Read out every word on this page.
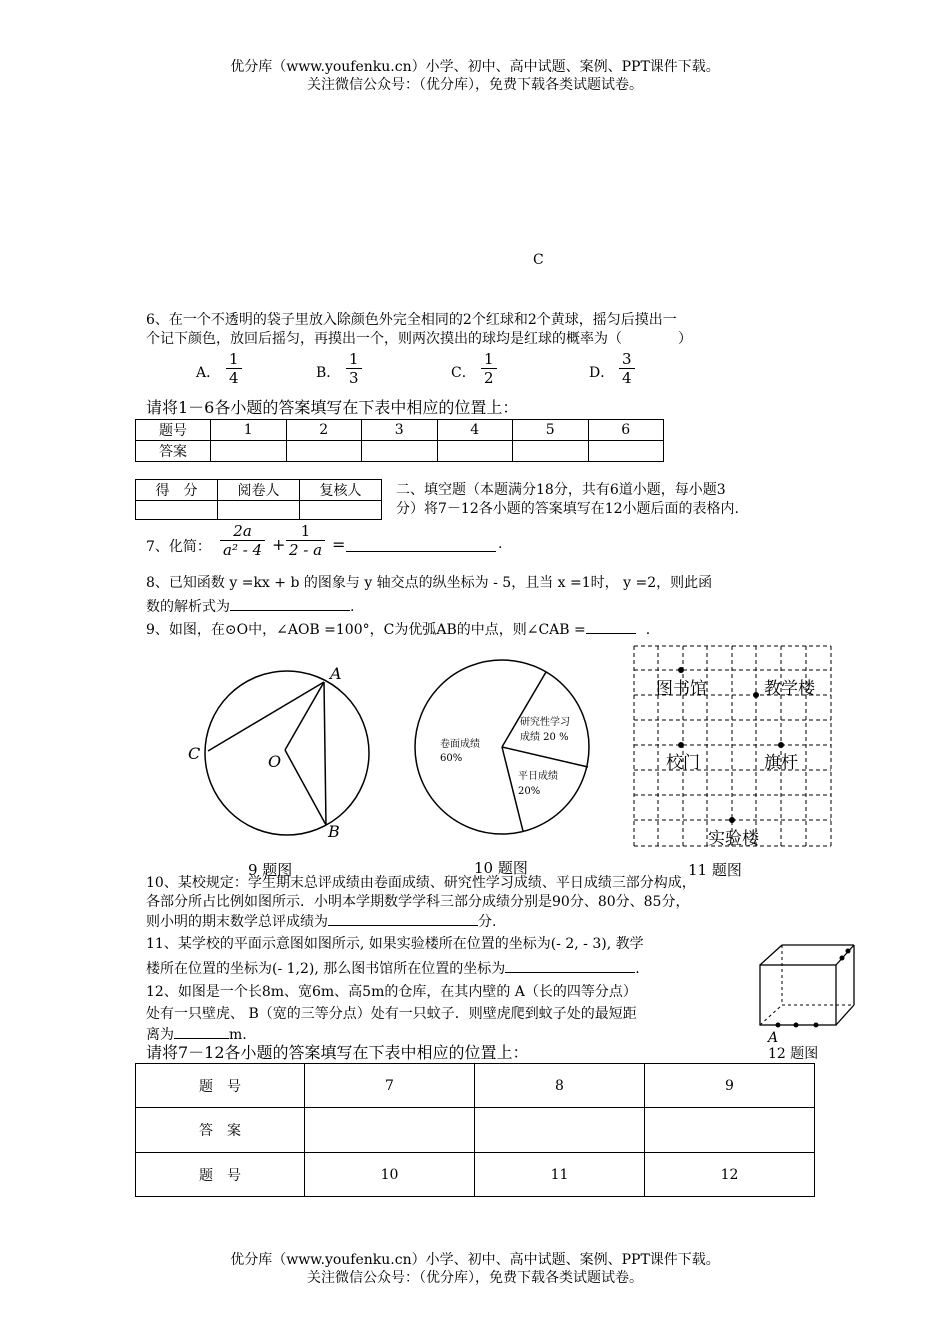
优分库（www.youfenku.cn）小学、初中、高中试题、案例、PPT课件下载。
关注微信公众号：（优分库），免费下载各类试题试卷。
C
6、在一个不透明的袋子里放入除颜色外完全相同的2个红球和2个黄球，摇匀后摸出一
个记下颜色，放回后摇匀，再摸出一个，则两次摸出的球均是红球的概率为（　　　　）
A． $\frac{1}{4}$	B． $\frac{1}{3}$	C． $\frac{1}{2}$	D． $\frac{3}{4}$
请将1－6各小题的答案填写在下表中相应的位置上：
题号	1	2	3	4	5	6
答案						
得　分	阅卷人	复核人
		二、填空题（本题满分18分，共有6道小题，每小题3
分）将7－12各小题的答案填写在12小题后面的表格内.
7、化简： $\frac{2a}{\text{a² - 4}} + \frac{1}{2 - a}$ =	.
8、已知函数 y =kx + b 的图象与 y 轴交点的纵坐标为 - 5，且当 x =1时， y =2，则此函
数的解析式为	.
9、如图，在⊙O中，∠AOB =100°，C为优弧AB的中点，则∠CAB =	.
A
B
C	O
9 题图
卷面成绩
60%
研究性学习
成绩 20 %
平日成绩
20%
10 题图
图书馆	教学楼
校门	旗杆
实验楼
11 题图
10、某校规定：学生期末总评成绩由卷面成绩、研究性学习成绩、平日成绩三部分构成，
各部分所占比例如图所示．小明本学期数学学科三部分成绩分别是90分、80分、85分，
则小明的期末数学总评成绩为	分.
11、某学校的平面示意图如图所示, 如果实验楼所在位置的坐标为(- 2, - 3), 教学
楼所在位置的坐标为(- 1,2), 那么图书馆所在位置的坐标为	.
12、如图是一个长8m、宽6m、高5m的仓库，在其内壁的 A（长的四等分点）
处有一只壁虎、 B（宽的三等分点）处有一只蚊子．则壁虎爬到蚊子处的最短距
离为	m.	A
12 题图
请将7－12各小题的答案填写在下表中相应的位置上：
题　号	7	8	9
答　案			
题　号	10	11	12
优分库（www.youfenku.cn）小学、初中、高中试题、案例、PPT课件下载。
关注微信公众号：（优分库），免费下载各类试题试卷。
